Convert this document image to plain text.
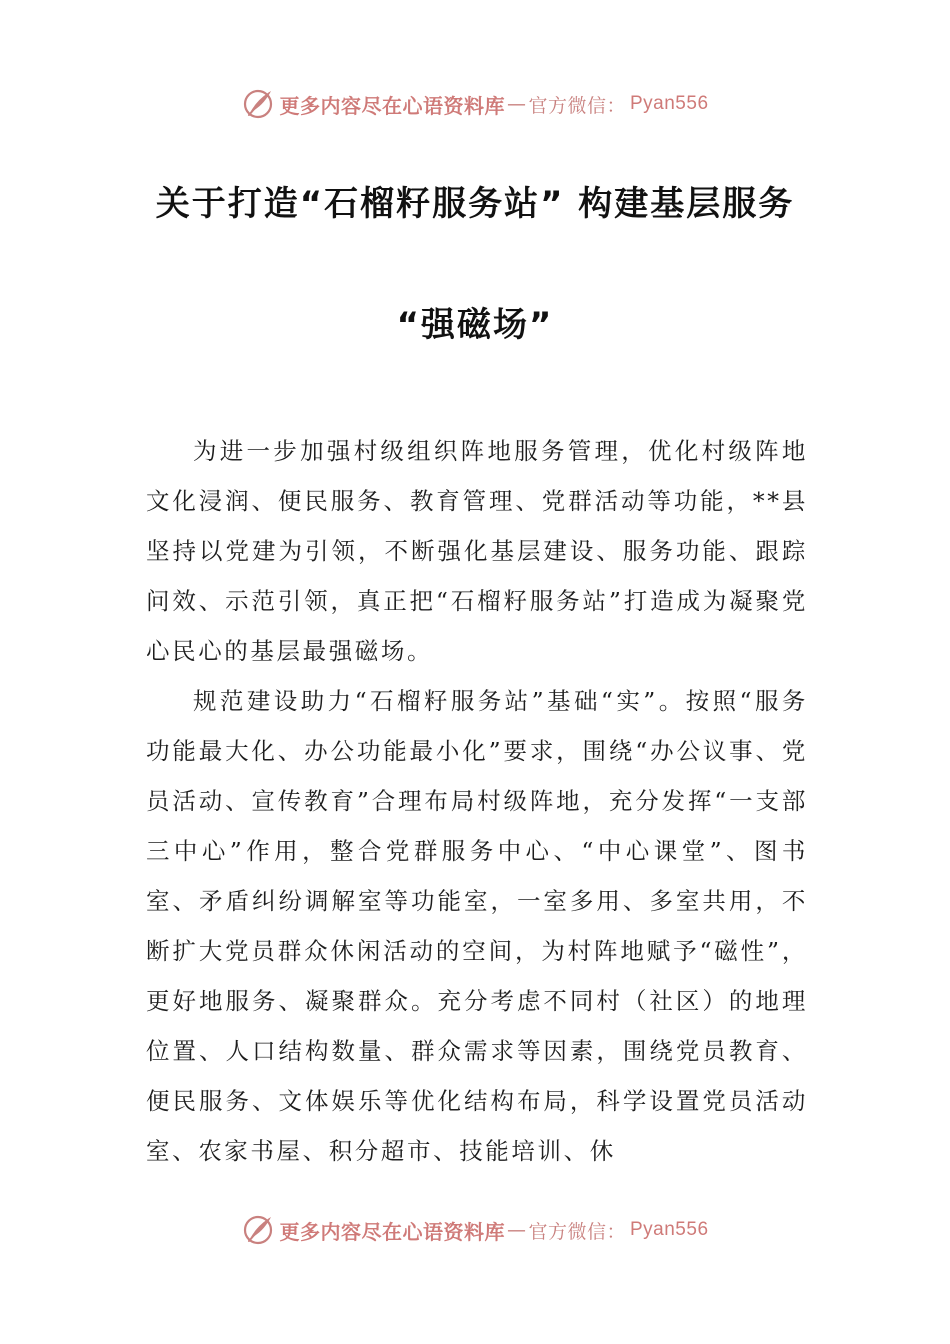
更多内容尽在心语资料库 — 官方微信： Pyan556
关于打造“石榴籽服务站” 构建基层服务
“强磁场”

为进一步加强村级组织阵地服务管理，优化村级阵地文化浸润、便民服务、教育管理、党群活动等功能，**县坚持以党建为引领，不断强化基层建设、服务功能、跟踪问效、示范引领，真正把“石榴籽服务站”打造成为凝聚党心民心的基层最强磁场。

规范建设助力“石榴籽服务站”基础“实”。按照“服务功能最大化、办公功能最小化”要求，围绕“办公议事、党员活动、宣传教育”合理布局村级阵地，充分发挥“一支部三中心”作用，整合党群服务中心、“中心课堂”、图书室、矛盾纠纷调解室等功能室，一室多用、多室共用，不断扩大党员群众休闲活动的空间，为村阵地赋予“磁性”，更好地服务、凝聚群众。充分考虑不同村（社区）的地理位置、人口结构数量、群众需求等因素，围绕党员教育、便民服务、文体娱乐等优化结构布局，科学设置党员活动室、农家书屋、积分超市、技能培训、休

更多内容尽在心语资料库 — 官方微信： Pyan556
